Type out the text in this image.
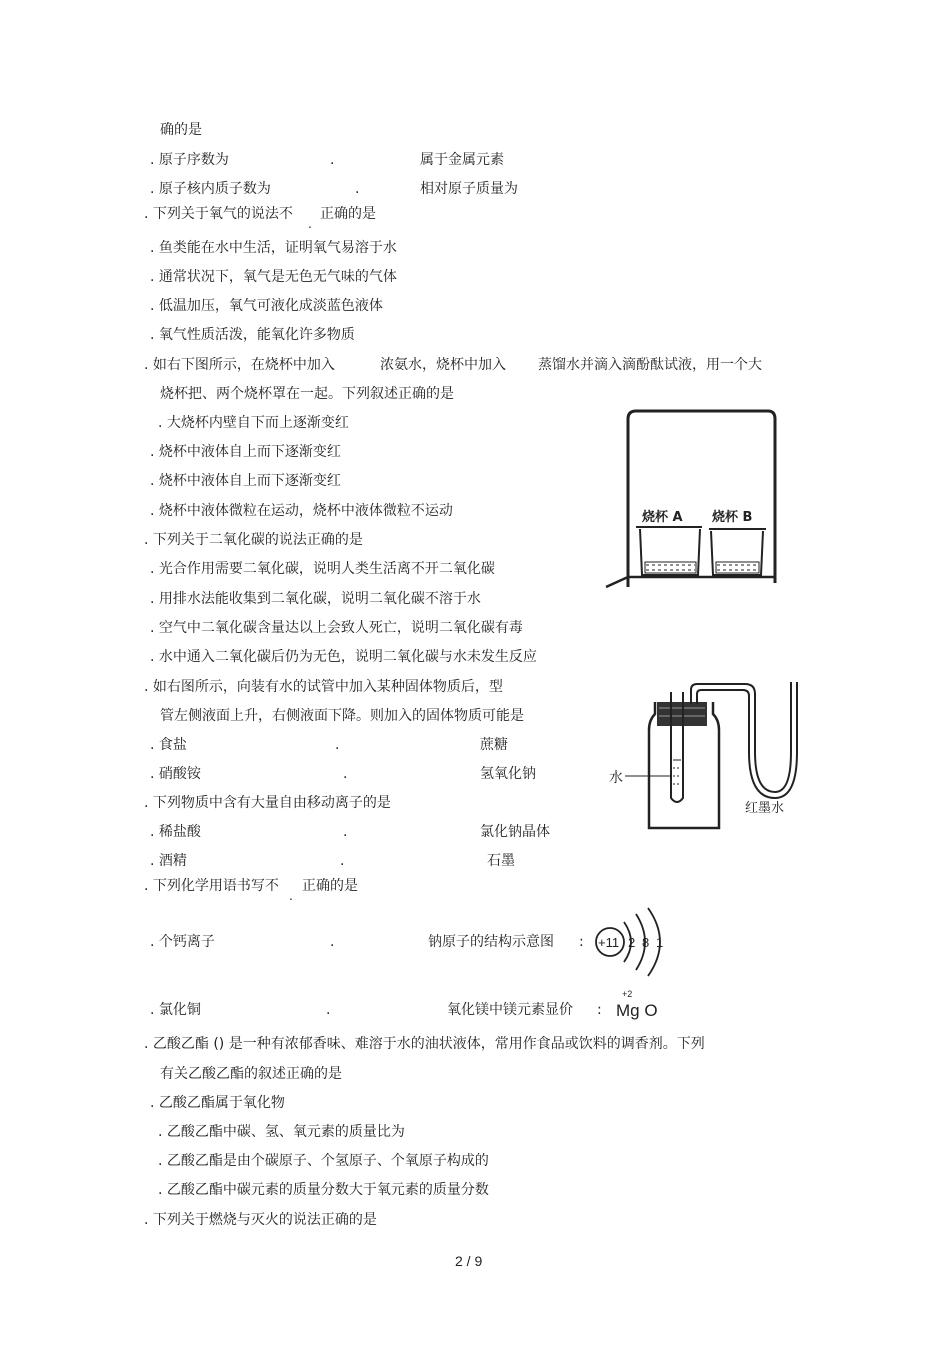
确的是
. 原子序数为	.	属于金属元素
. 原子核内质子数为	.	相对原子质量为
. 下列关于氧气的说法不
.
正确的是
. 鱼类能在水中生活，证明氧气易溶于水
. 通常状况下，氧气是无色无气味的气体
. 低温加压，氧气可液化成淡蓝色液体
. 氧气性质活泼，能氧化许多物质
. 如右下图所示，在烧杯中加入	浓氨水，烧杯中加入 蒸馏水并滴入滴酚酞试液，用一个大
烧杯把、两个烧杯罩在一起。下列叙述正确的是
. 大烧杯内壁自下而上逐渐变红
. 烧杯中液体自上而下逐渐变红
. 烧杯中液体自上而下逐渐变红
. 烧杯中液体微粒在运动，烧杯中液体微粒不运动
. 下列关于二氧化碳的说法正确的是
. 光合作用需要二氧化碳，说明人类生活离不开二氧化碳
. 用排水法能收集到二氧化碳，说明二氧化碳不溶于水
. 空气中二氧化碳含量达以上会致人死亡，说明二氧化碳有毒
. 水中通入二氧化碳后仍为无色，说明二氧化碳与水未发生反应
. 如右图所示，向装有水的试管中加入某种固体物质后，型
管左侧液面上升，右侧液面下降。则加入的固体物质可能是
. 食盐	.	蔗糖
. 硝酸铵	.	氢氧化钠
. 下列物质中含有大量自由移动离子的是
. 稀盐酸	.	氯化钠晶体
. 酒精	.	石墨
. 下列化学用语书写不
.
正确的是
. 个钙离子	.	钠原子的结构示意图 :
. 氯化铜	.	氧化镁中镁元素显价 :
+2
Mg O
. 乙酸乙酯 () 是一种有浓郁香味、难溶于水的油状液体，常用作食品或饮料的调香剂。下列
有关乙酸乙酯的叙述正确的是
. 乙酸乙酯属于氧化物
. 乙酸乙酯中碳、氢、氧元素的质量比为
. 乙酸乙酯是由个碳原子、个氢原子、个氧原子构成的
. 乙酸乙酯中碳元素的质量分数大于氧元素的质量分数
. 下列关于燃烧与灭火的说法正确的是
烧杯 A 烧杯 B
水
红墨水
+11 2 8 1
2 / 9
